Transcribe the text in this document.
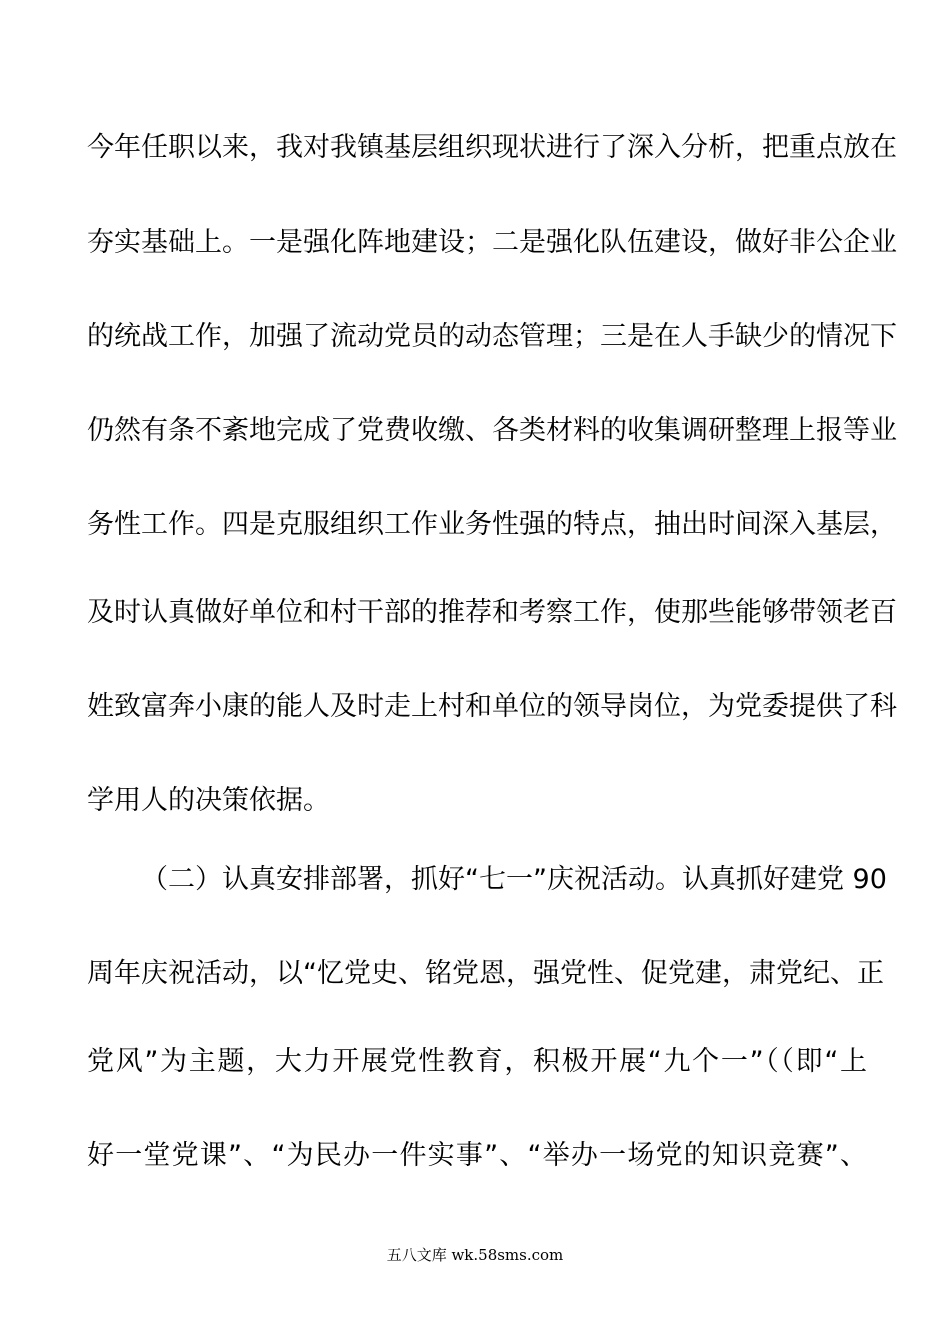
今年任职以来，我对我镇基层组织现状进行了深入分析，把重点放在
夯实基础上。一是强化阵地建设；二是强化队伍建设，做好非公企业
的统战工作，加强了流动党员的动态管理；三是在人手缺少的情况下
仍然有条不紊地完成了党费收缴、各类材料的收集调研整理上报等业
务性工作。四是克服组织工作业务性强的特点，抽出时间深入基层，
及时认真做好单位和村干部的推荐和考察工作，使那些能够带领老百
姓致富奔小康的能人及时走上村和单位的领导岗位，为党委提供了科
学用人的决策依据。
（二）认真安排部署，抓好“七一”庆祝活动。认真抓好建党 90
周年庆祝活动，以“忆党史、铭党恩，强党性、促党建，肃党纪、正
党风”为主题，大力开展党性教育，积极开展“九个一”（（即“上
好一堂党课”、“为民办一件实事”、“举办一场党的知识竞赛”、
五八文库 wk.58sms.com
